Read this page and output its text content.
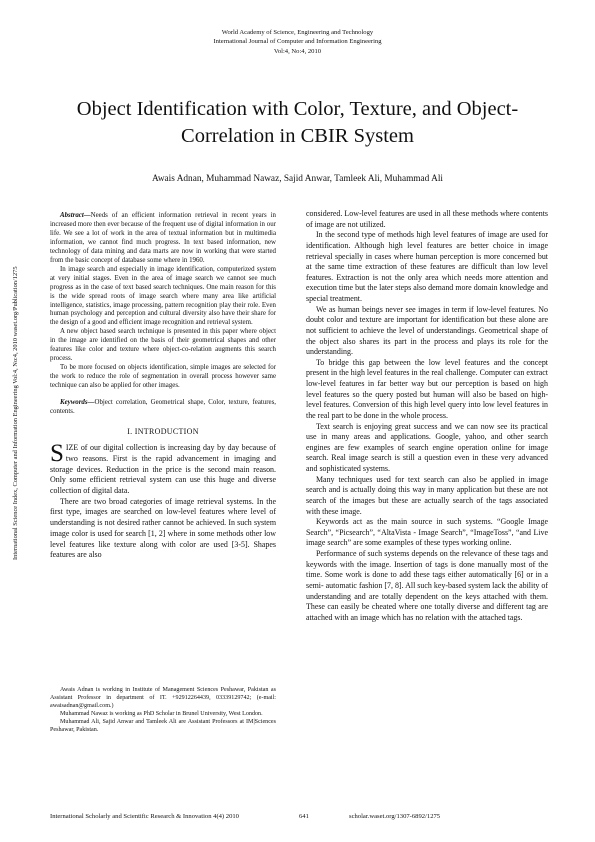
World Academy of Science, Engineering and Technology
International Journal of Computer and Information Engineering
Vol:4, No:4, 2010
Object Identification with Color, Texture, and Object-Correlation in CBIR System
Awais Adnan, Muhammad Nawaz, Sajid Anwar, Tamleek Ali, Muhammad Ali
International Science Index, Computer and Information Engineering Vol:4, No:4, 2010 waset.org/Publication/1275

Abstract—Needs of an efficient information retrieval in recent years in increased more then ever because of the frequent use of digital information in our life. We see a lot of work in the area of textual information but in multimedia information, we cannot find much progress. In text based information, new technology of data mining and data marts are now in working that were started from the basic concept of database some where in 1960.

In image search and especially in image identification, computerized system at very initial stages. Even in the area of image search we cannot see much progress as in the case of text based search techniques. One main reason for this is the wide spread roots of image search where many area like artificial intelligence, statistics, image processing, pattern recognition play their role. Even human psychology and perception and cultural diversity also have their share for the design of a good and efficient image recognition and retrieval system.

A new object based search technique is presented in this paper where object in the image are identified on the basis of their geometrical shapes and other features like color and texture where object-co-relation augments this search process.

To be more focused on objects identification, simple images are selected for the work to reduce the role of segmentation in overall process however same technique can also be applied for other images.

Keywords—Object correlation, Geometrical shape, Color, texture, features, contents.

I. INTRODUCTION

SIZE of our digital collection is increasing day by day because of two reasons. First is the rapid advancement in imaging and storage devices. Reduction in the price is the second main reason. Only some efficient retrieval system can use this huge and diverse collection of digital data.

There are two broad categories of image retrieval systems. In the first type, images are searched on low-level features where level of understanding is not desired rather cannot be achieved. In such system image color is used for search [1, 2] where in some methods other low level features like texture along with color are used [3-5]. Shapes features are also

Awais Adnan is working in Institute of Management Sciences Peshawar, Pakistan as Assistant Professor in department of IT. +92912264439, 03339129742; (e-mail: awaisadnan@gmail.com.)

Muhammad Nawaz is working as PhD Scholar in Brunel University, West London.

Muhammad Ali, Sajid Anwar and Tamleek Ali are Assistant Professors at IM|Sciences Peshawar, Pakistan.

considered. Low-level features are used in all these methods where contents of image are not utilized.

In the second type of methods high level features of image are used for identification. Although high level features are better choice in image retrieval specially in cases where human perception is more concerned but at the same time extraction of these features are difficult than low level features. Extraction is not the only area which needs more attention and execution time but the later steps also demand more domain knowledge and special treatment.

We as human beings never see images in term if low-level features. No doubt color and texture are important for identification but these alone are not sufficient to achieve the level of understandings. Geometrical shape of the object also shares its part in the process and plays its role for the understanding.

To bridge this gap between the low level features and the concept present in the high level features in the real challenge. Computer can extract low-level features in far better way but our perception is based on high level features so the query posted but human will also be based on high-level features. Conversion of this high level query into low level features in the real part to be done in the whole process.

Text search is enjoying great success and we can now see its practical use in many areas and applications. Google, yahoo, and other search engines are few examples of search engine operation online for image search. Real image search is still a question even in these very advanced and sophisticated systems.

Many techniques used for text search can also be applied in image search and is actually doing this way in many application but these are not search of the images but these are actually search of the tags associated with these image.

Keywords act as the main source in such systems. “Google Image Search”, “Picsearch”, “AltaVista - Image Search”, “ImageToss”, “and Live image search” are some examples of these types working online.

Performance of such systems depends on the relevance of these tags and keywords with the image. Insertion of tags is done manually most of the time. Some work is done to add these tags either automatically [6] or in a semi- automatic fashion [7, 8]. All such key-based system lack the ability of understanding and are totally dependent on the keys attached with them. These can easily be cheated where one totally diverse and different tag are attached with an image which has no relation with the attached tags.

International Scholarly and Scientific Research & Innovation 4(4) 2010	641	scholar.waset.org/1307-6892/1275
